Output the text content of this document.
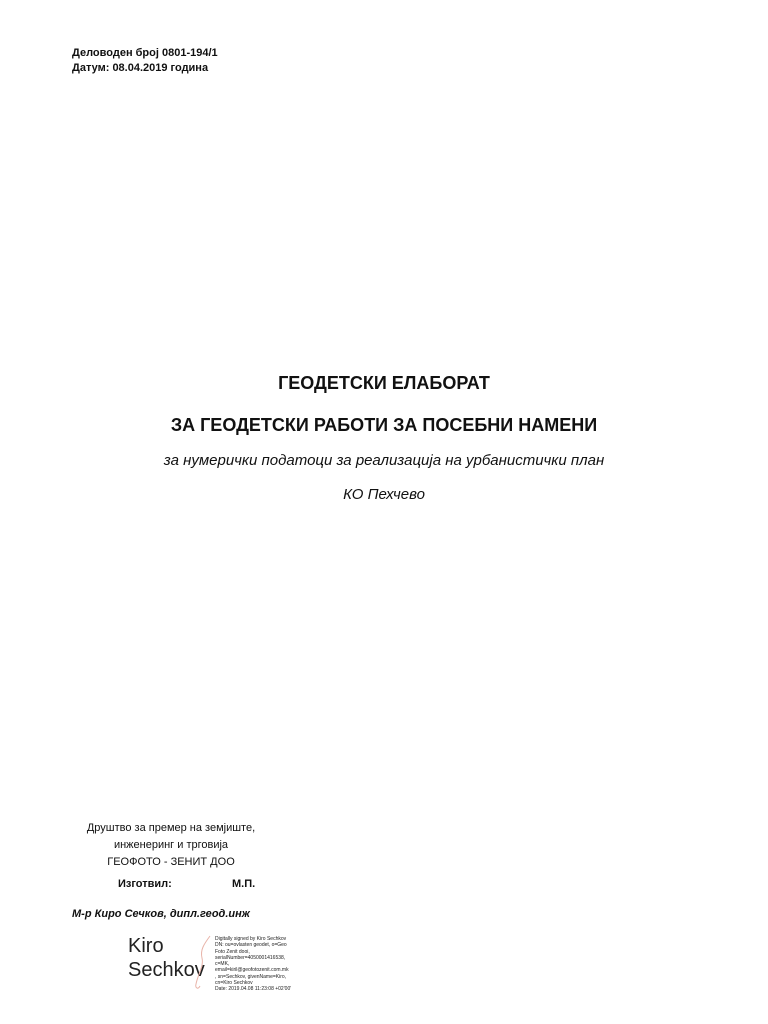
Деловоден број 0801-194/1
Датум: 08.04.2019 година
ГЕОДЕТСКИ ЕЛАБОРАТ
ЗА ГЕОДЕТСКИ РАБОТИ ЗА ПОСЕБНИ НАМЕНИ
за нумерички податоци за реализација на урбанистички план
КО Пехчево
Друштво за премер на земјиште,
инженеринг и трговија
ГЕОФОТО - ЗЕНИТ ДОО
Изготвил:	М.П.
М-р Киро Сечков, дипл.геод.инж
Kiro
Sechkov
Digitally signed by Kiro Sechkov
DN: ou=ovlasten geodet, o=Geo
Foto Zenit dooi,
serialNumber=4050001416538,
c=MK,
email=kiril@geofotozenit.com.mk
, sn=Sechkov, givenName=Kiro,
cn=Kiro Sechkov
Date: 2019.04.08 11:23:08 +02'00'
